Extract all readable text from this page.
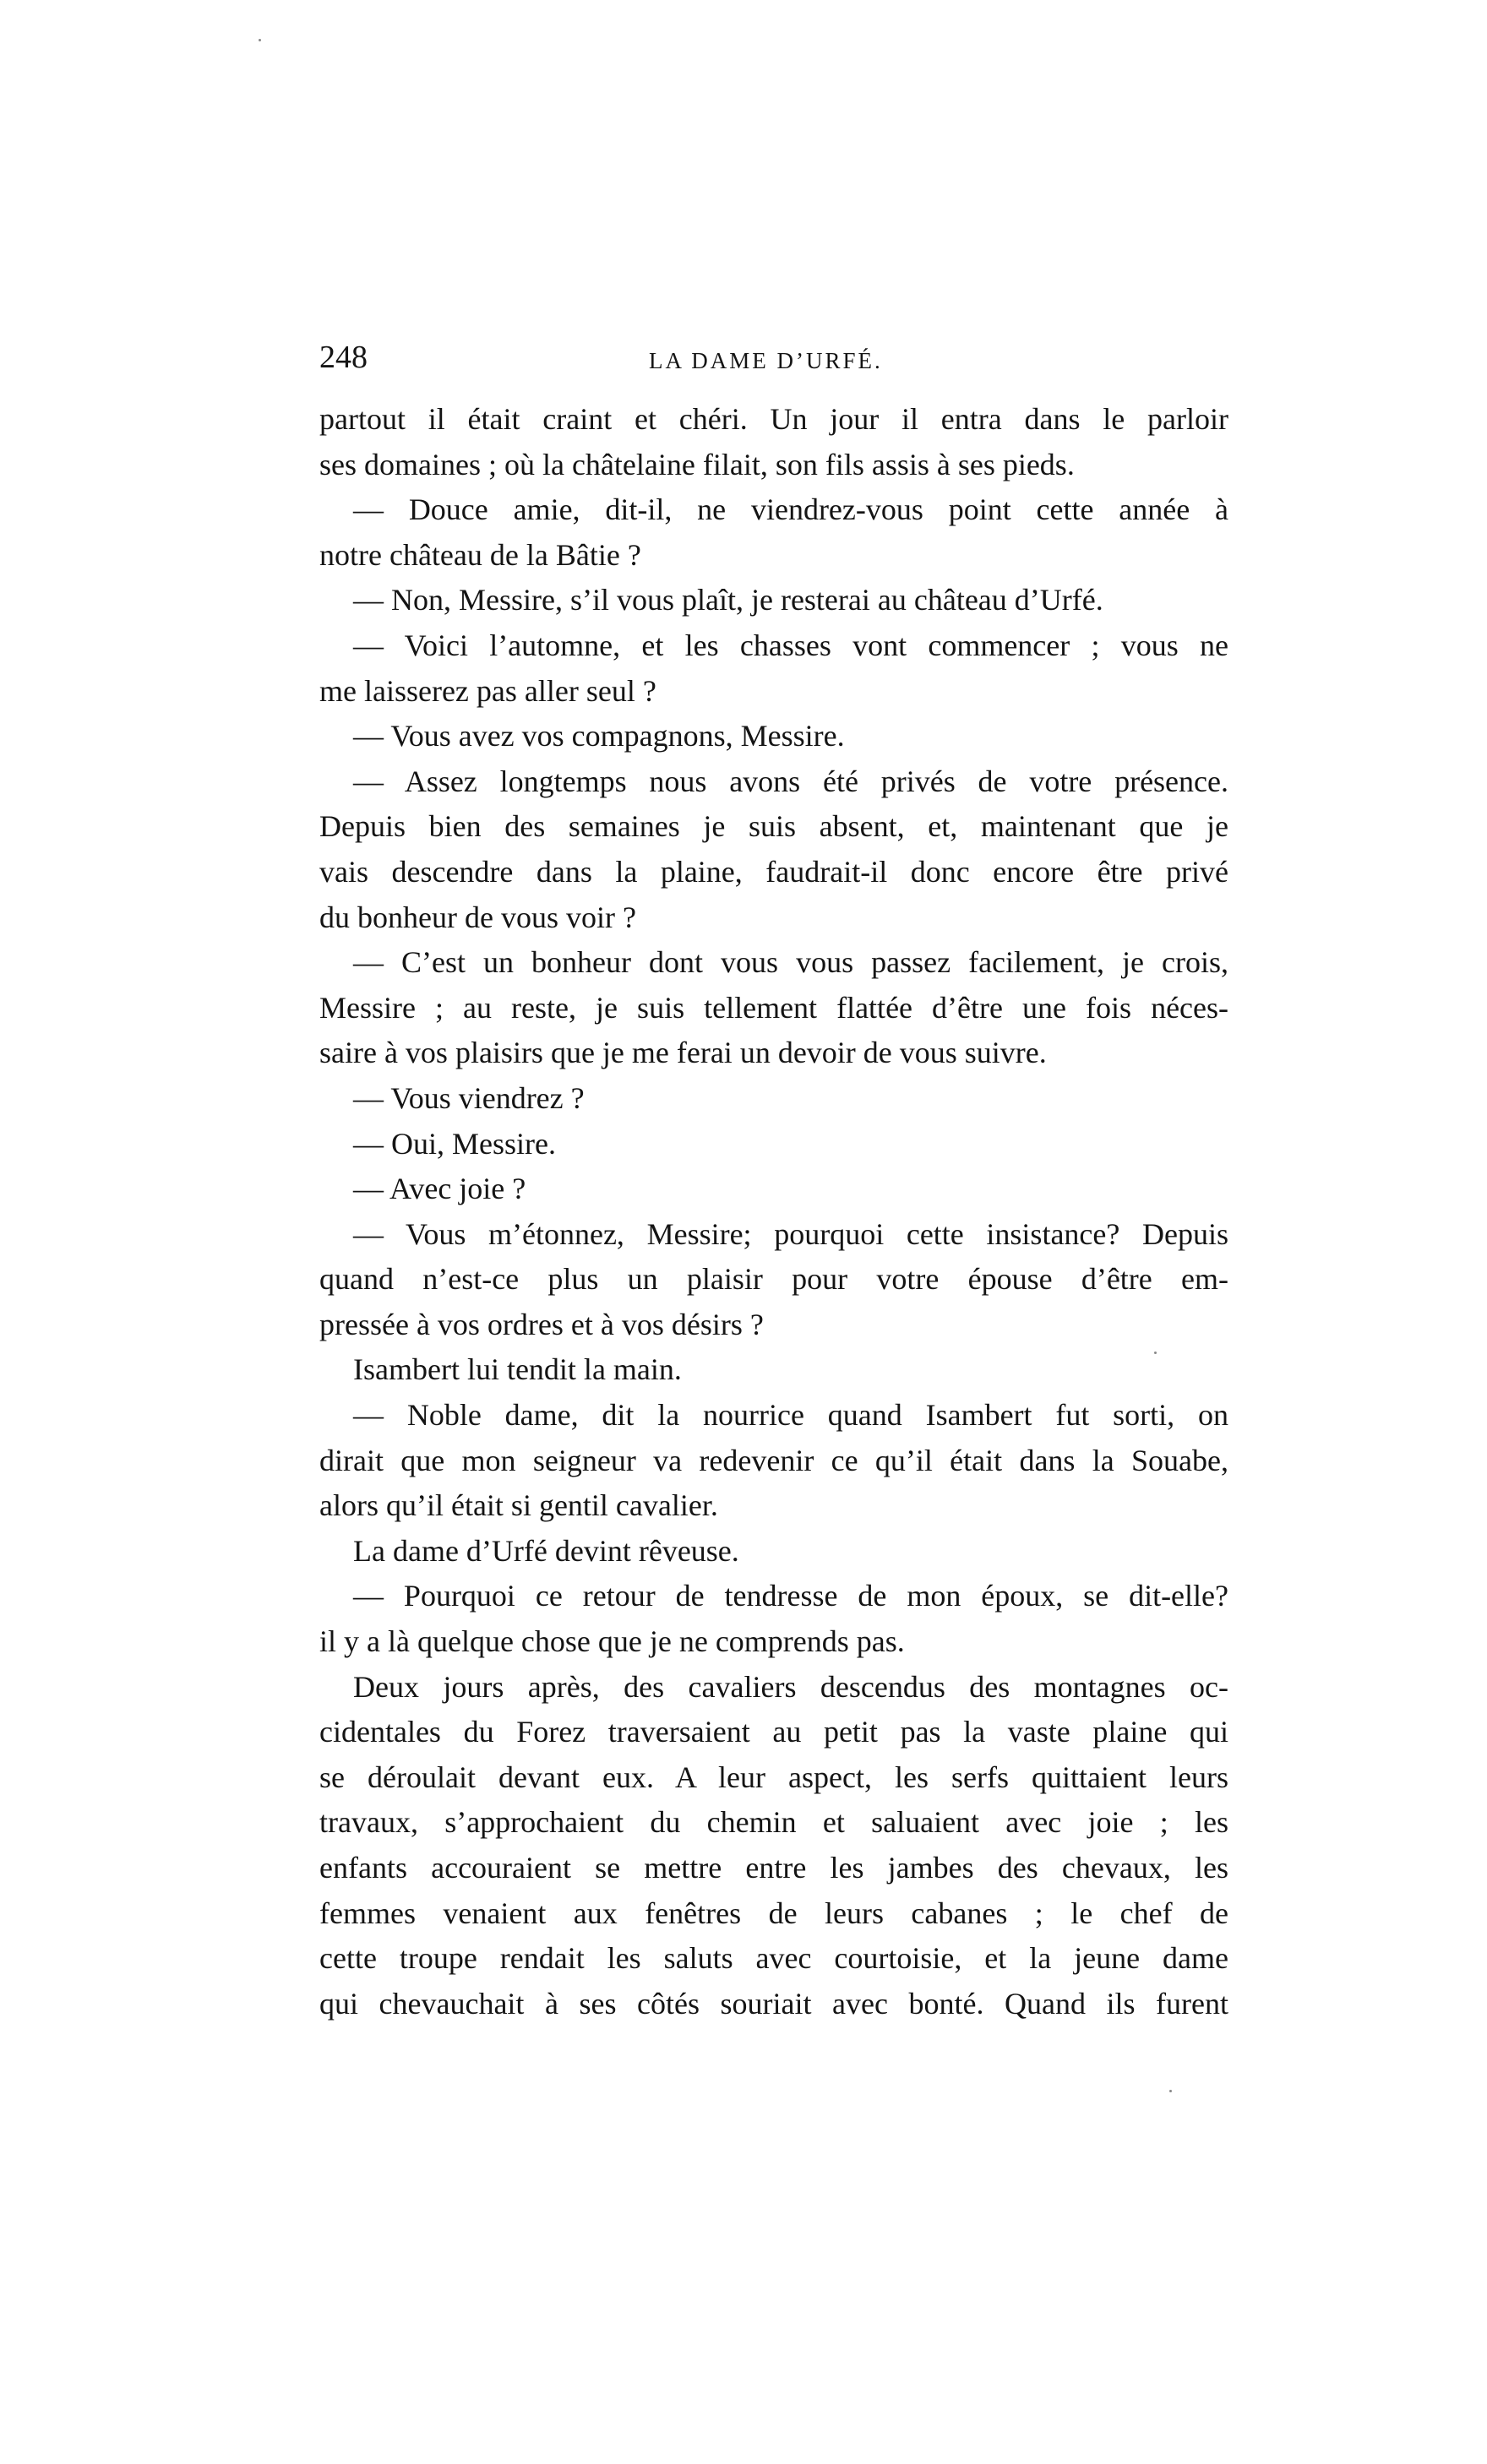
248	LA DAME D’URFÉ.
partout il était craint et chéri. Un jour il entra dans le parloir
ses domaines ; où la châtelaine filait, son fils assis à ses pieds.
— Douce amie, dit-il, ne viendrez-vous point cette année à
notre château de la Bâtie ?
— Non, Messire, s’il vous plaît, je resterai au château d’Urfé.
— Voici l’automne, et les chasses vont commencer ; vous ne
me laisserez pas aller seul ?
— Vous avez vos compagnons, Messire.
— Assez longtemps nous avons été privés de votre présence.
Depuis bien des semaines je suis absent, et, maintenant que je
vais descendre dans la plaine, faudrait-il donc encore être privé
du bonheur de vous voir ?
— C’est un bonheur dont vous vous passez facilement, je crois,
Messire ; au reste, je suis tellement flattée d’être une fois néces-
saire à vos plaisirs que je me ferai un devoir de vous suivre.
— Vous viendrez ?
— Oui, Messire.
— Avec joie ?
— Vous m’étonnez, Messire; pourquoi cette insistance? Depuis
quand n’est-ce plus un plaisir pour votre épouse d’être em-
pressée à vos ordres et à vos désirs ?
Isambert lui tendit la main.
— Noble dame, dit la nourrice quand Isambert fut sorti, on
dirait que mon seigneur va redevenir ce qu’il était dans la Souabe,
alors qu’il était si gentil cavalier.
La dame d’Urfé devint rêveuse.
— Pourquoi ce retour de tendresse de mon époux, se dit-elle?
il y a là quelque chose que je ne comprends pas.
Deux jours après, des cavaliers descendus des montagnes oc-
cidentales du Forez traversaient au petit pas la vaste plaine qui
se déroulait devant eux. A leur aspect, les serfs quittaient leurs
travaux, s’approchaient du chemin et saluaient avec joie ; les
enfants accouraient se mettre entre les jambes des chevaux, les
femmes venaient aux fenêtres de leurs cabanes ; le chef de
cette troupe rendait les saluts avec courtoisie, et la jeune dame
qui chevauchait à ses côtés souriait avec bonté. Quand ils furent
